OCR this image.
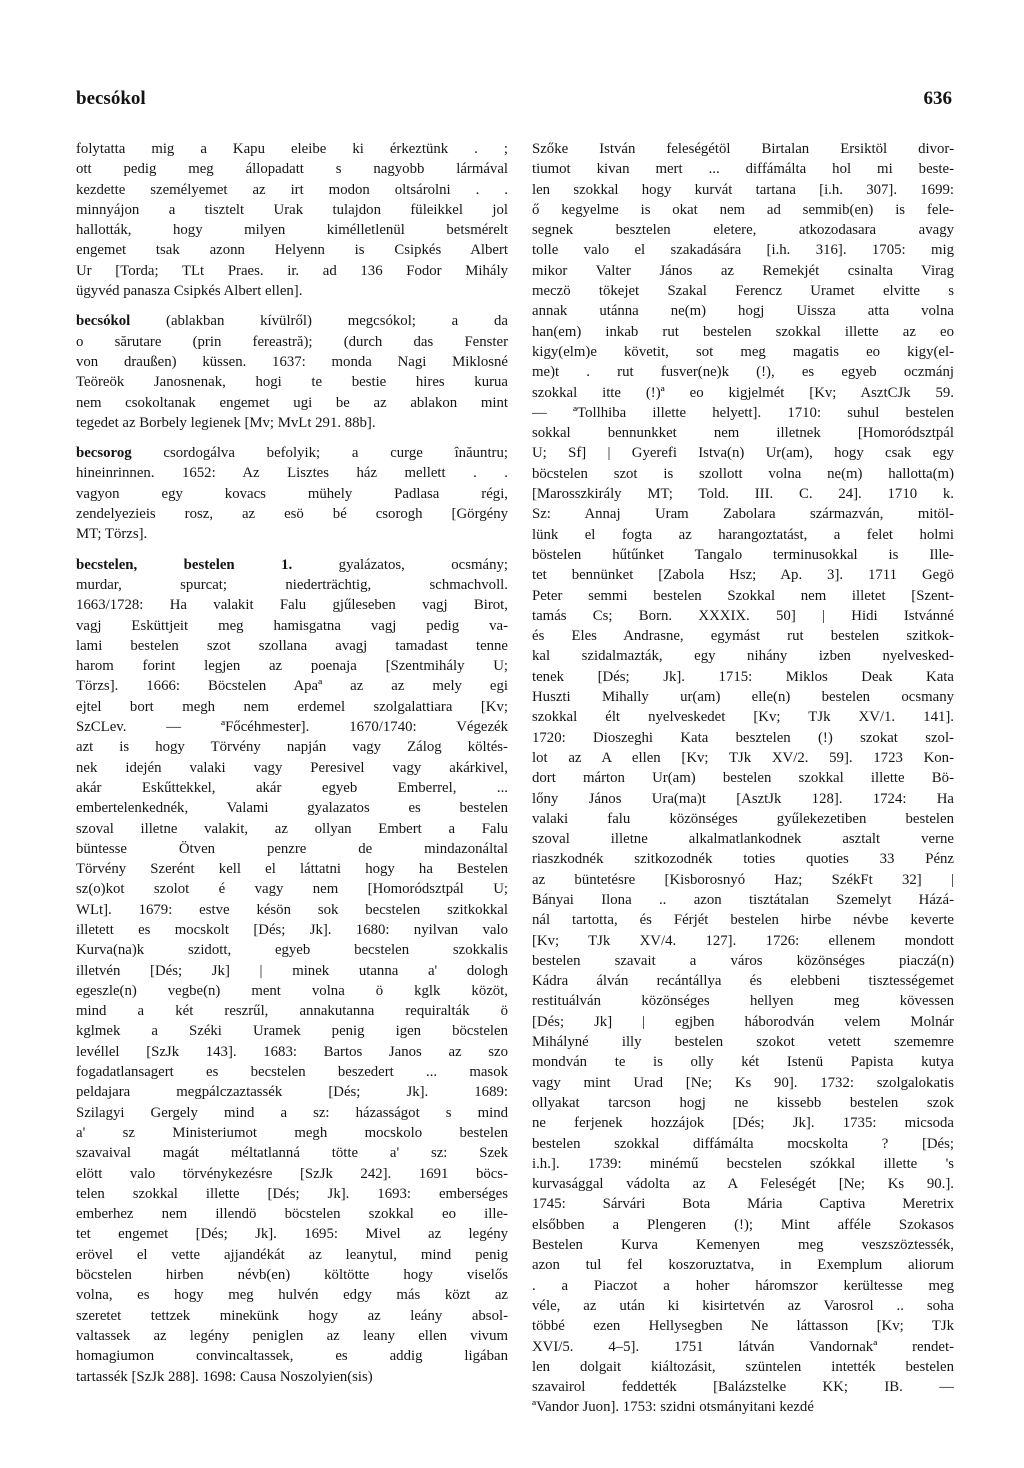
becsókol	636
folytatta mig a Kapu eleibe ki érkeztünk . ;
ott pedig meg állopadatt s nagyobb lármával
kezdette személyemet az irt modon oltsárolni . .
minnyájon a tisztelt Urak tulajdon füleikkel jol
hallották, hogy milyen kimélletlenül betsmérelt
engemet tsak azonn Helyenn is Csipkés Albert
Ur [Torda; TLt Praes. ir. ad 136 Fodor Mihály
ügyvéd panasza Csipkés Albert ellen].
becsókol (ablakban kívülről) megcsókol; a da
o sărutare (prin fereastră); (durch das Fenster
von draußen) küssen. 1637: monda Nagi Miklosné
Teöreök Janosnenak, hogi te bestie hires kurua
nem csokoltanak engemet ugi be az ablakon mint
tegedet az Borbely legienek [Mv; MvLt 291. 88b].
becsorog csordogálva befolyik; a curge înăuntru;
hineinrinnen. 1652: Az Lisztes ház mellett . .
vagyon egy kovacs mühely Padlasa régi,
zendelyezieis rosz, az esö bé csorogh [Görgény
MT; Törzs].
becstelen, bestelen 1. gyalázatos, ocsmány;
murdar, spurcat; niederträchtig, schmachvoll.
1663/1728: Ha valakit Falu gjűleseben vagj Birot,
vagj Esküttjeit meg hamisgatna vagj pedig va-
lami bestelen szot szollana avagj tamadast tenne
harom forint legjen az poenaja [Szentmihály U;
Törzs]. 1666: Böcstelen Apaª az az mely egi
ejtel bort megh nem erdemel szolgalattiara [Kv;
SzCLev. — ªFőcéhmester]. 1670/1740: Végezék
azt is hogy Törvény napján vagy Zálog költés-
nek idején valaki vagy Peresivel vagy akárkivel,
akár Eskűttekkel, akár egyeb Emberrel, ...
embertelenkednék, Valami gyalazatos es bestelen
szoval illetne valakit, az ollyan Embert a Falu
büntesse Ötven penzre de mindazonáltal
Törvény Szerént kell el láttatni hogy ha Bestelen
sz(o)kot szolot é vagy nem [Homoródsztpál U;
WLt]. 1679: estve késön sok becstelen szitkokkal
illetett es mocskolt [Dés; Jk]. 1680: nyilvan valo
Kurva(na)k szidott, egyeb becstelen szokkalis
illetvén [Dés; Jk] | minek utanna a' dologh
egeszle(n) vegbe(n) ment volna ö kglk közöt,
mind a két reszrűl, annakutanna requiralták ö
kglmek a Széki Uramek penig igen böcstelen
levéllel [SzJk 143]. 1683: Bartos Janos az szo
fogadatlansagert es becstelen beszedert ... masok
peldajara megpálczaztassék [Dés; Jk]. 1689:
Szilagyi Gergely mind a sz: házasságot s mind
a' sz Ministeriumot megh mocskolo bestelen
szavaival magát méltatlanná tötte a' sz: Szek
elött valo törvénykezésre [SzJk 242]. 1691 böcs-
telen szokkal illette [Dés; Jk]. 1693: emberséges
emberhez nem illendö böcstelen szokkal eo ille-
tet engemet [Dés; Jk]. 1695: Mivel az legény
erövel el vette ajjandékát az leanytul, mind penig
böcstelen hirben névb(en) költötte hogy viselős
volna, es hogy meg hulvén edgy más közt az
szeretet tettzek minekünk hogy az leány absol-
valtassek az legény peniglen az leany ellen vivum
homagiumon convincaltassek, es addig ligában
tartassék [SzJk 288]. 1698: Causa Noszolyien(sis)
Szőke István feleségétöl Birtalan Ersiktöl divor-
tiumot kivan mert ... diffámálta hol mi beste-
len szokkal hogy kurvát tartana [i.h. 307]. 1699:
ő kegyelme is okat nem ad semmib(en) is fele-
segnek besztelen eletere, atkozodasara avagy
tolle valo el szakadására [i.h. 316]. 1705: mig
mikor Valter János az Remekjét csinalta Virag
meczö tökejet Szakal Ferencz Uramet elvitte s
annak utánna ne(m) hogj Uissza atta volna
han(em) inkab rut bestelen szokkal illette az eo
kigy(elm)e követit, sot meg magatis eo kigy(el-
me)t . rut fusver(ne)k (!), es egyeb oczmánj
szokkal itte (!)ª eo kigjelmét [Kv; AsztCJk 59.
— ªTollhiba illette helyett]. 1710: suhul bestelen
sokkal bennunkket nem illetnek [Homoródsztpál
U; Sf] | Gyerefi Istva(n) Ur(am), hogy csak egy
böcstelen szot is szollott volna ne(m) hallotta(m)
[Marosszkirály MT; Told. III. C. 24]. 1710 k.
Sz: Annaj Uram Zabolara származván, mitöl-
lünk el fogta az harangoztatást, a felet holmi
böstelen hűtűnket Tangalo terminusokkal is Ille-
tet bennünket [Zabola Hsz; Ap. 3]. 1711 Gegö
Peter semmi bestelen Szokkal nem illetet [Szent-
tamás Cs; Born. XXXIX. 50] | Hidi Istvánné
és Eles Andrasne, egymást rut bestelen szitkok-
kal szidalmazták, egy nihány izben nyelvesked-
tenek [Dés; Jk]. 1715: Miklos Deak Kata
Huszti Mihally ur(am) elle(n) bestelen ocsmany
szokkal élt nyelveskedet [Kv; TJk XV/1. 141].
1720: Dioszeghi Kata besztelen (!) szokat szol-
lot az A ellen [Kv; TJk XV/2. 59]. 1723 Kon-
dort márton Ur(am) bestelen szokkal illette Bö-
lőny János Ura(ma)t [AsztJk 128]. 1724: Ha
valaki falu közönséges gyűlekezetiben bestelen
szoval illetne alkalmatlankodnek asztalt verne
riaszkodnék szitkozodnék toties quoties 33 Pénz
az büntetésre [Kisborosnyó Haz; SzékFt 32] |
Bányai Ilona .. azon tisztátalan Szemelyt Házá-
nál tartotta, és Férjét bestelen hirbe névbe keverte
[Kv; TJk XV/4. 127]. 1726: ellenem mondott
bestelen szavait a város közönséges piaczá(n)
Kádra álván recántállya és elebbeni tisztességemet
restituálván közönséges hellyen meg kövessen
[Dés; Jk] | egjben háborodván velem Molnár
Mihályné illy bestelen szokot vetett szememre
mondván te is olly két Istenü Papista kutya
vagy mint Urad [Ne; Ks 90]. 1732: szolgalokatis
ollyakat tarcson hogj ne kissebb bestelen szok
ne ferjenek hozzájok [Dés; Jk]. 1735: micsoda
bestelen szokkal diffámálta mocskolta ? [Dés;
i.h.]. 1739: minémű becstelen szókkal illette 's
kurvasággal vádolta az A Feleségét [Ne; Ks 90.].
1745: Sárvári Bota Mária Captiva Meretrix
elsőbben a Plengeren (!); Mint afféle Szokasos
Bestelen Kurva Kemenyen meg veszszöztessék,
azon tul fel koszoruztatva, in Exemplum aliorum
. a Piaczot a hoher háromszor kerültesse meg
véle, az után ki kisirtetvén az Varosrol .. soha
többé ezen Hellysegben Ne láttasson [Kv; TJk
XVI/5. 4–5]. 1751 látván Vandornakª rendet-
len dolgait kiáltozásit, szüntelen intették bestelen
szavairol feddették [Balázstelke KK; IB. —
ªVandor Juon]. 1753: szidni otsmányitani kezdé
